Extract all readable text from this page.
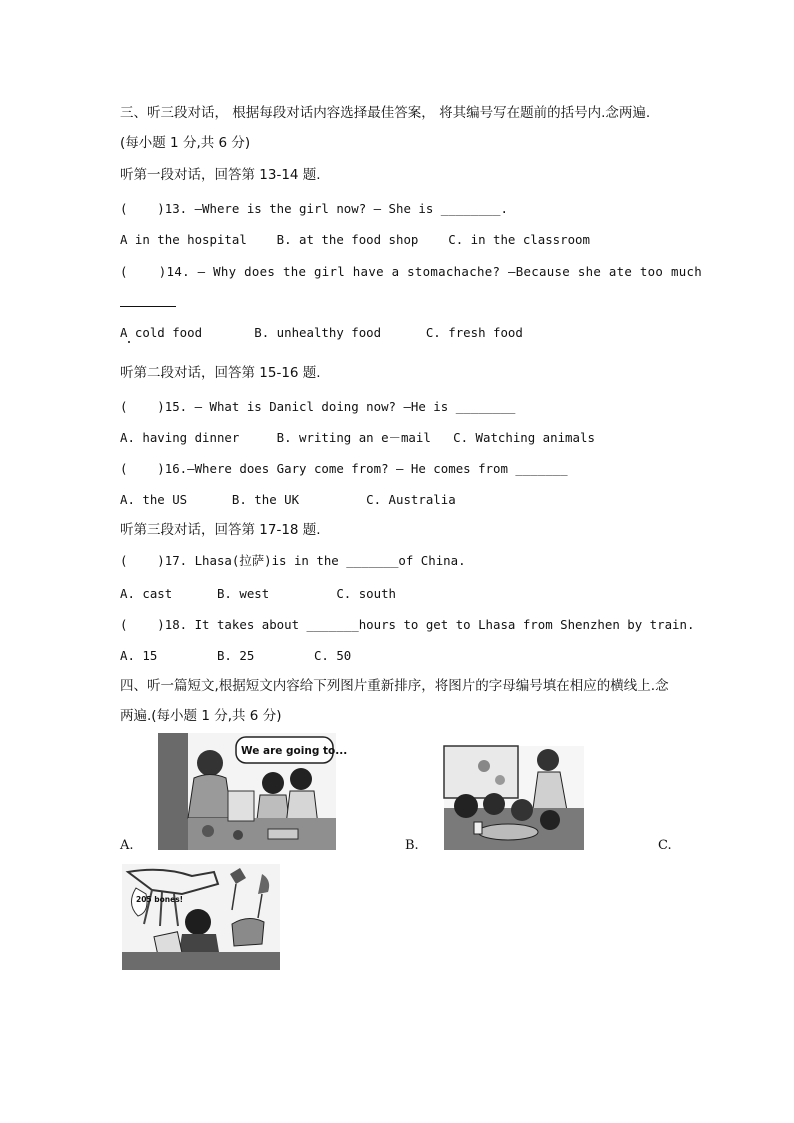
三、听三段对话， 根据每段对话内容选择最佳答案， 将其编号写在题前的括号内.念两遍.
(每小题 1 分,共 6 分)
听第一段对话，回答第 13-14 题.
(    )13. —Where is the girl now? — She is ________.
A in the hospital    B. at the food shop    C. in the classroom
(    )14. — Why does the girl have a stomachache? —Because she ate too much
A cold food       B. unhealthy food      C. fresh food
听第二段对话，回答第 15-16 题.
(    )15. — What is Danicl doing now? —He is ________
A. having dinner     B. writing an e－mail   C. Watching animals
(    )16.—Where does Gary come from? — He comes from _______
A. the US      B. the UK         C. Australia
听第三段对话，回答第 17-18 题.
(    )17. Lhasa(拉萨)is in the _______of China.
A. cast      B. west         C. south
(    )18. It takes about _______hours to get to Lhasa from Shenzhen by train.
A. 15        B. 25        C. 50
四、听一篇短文,根据短文内容给下列图片重新排序，将图片的字母编号填在相应的横线上.念
两遍.(每小题 1 分,共 6 分)
We are going to...
A.	B.	C.
205 bones!
